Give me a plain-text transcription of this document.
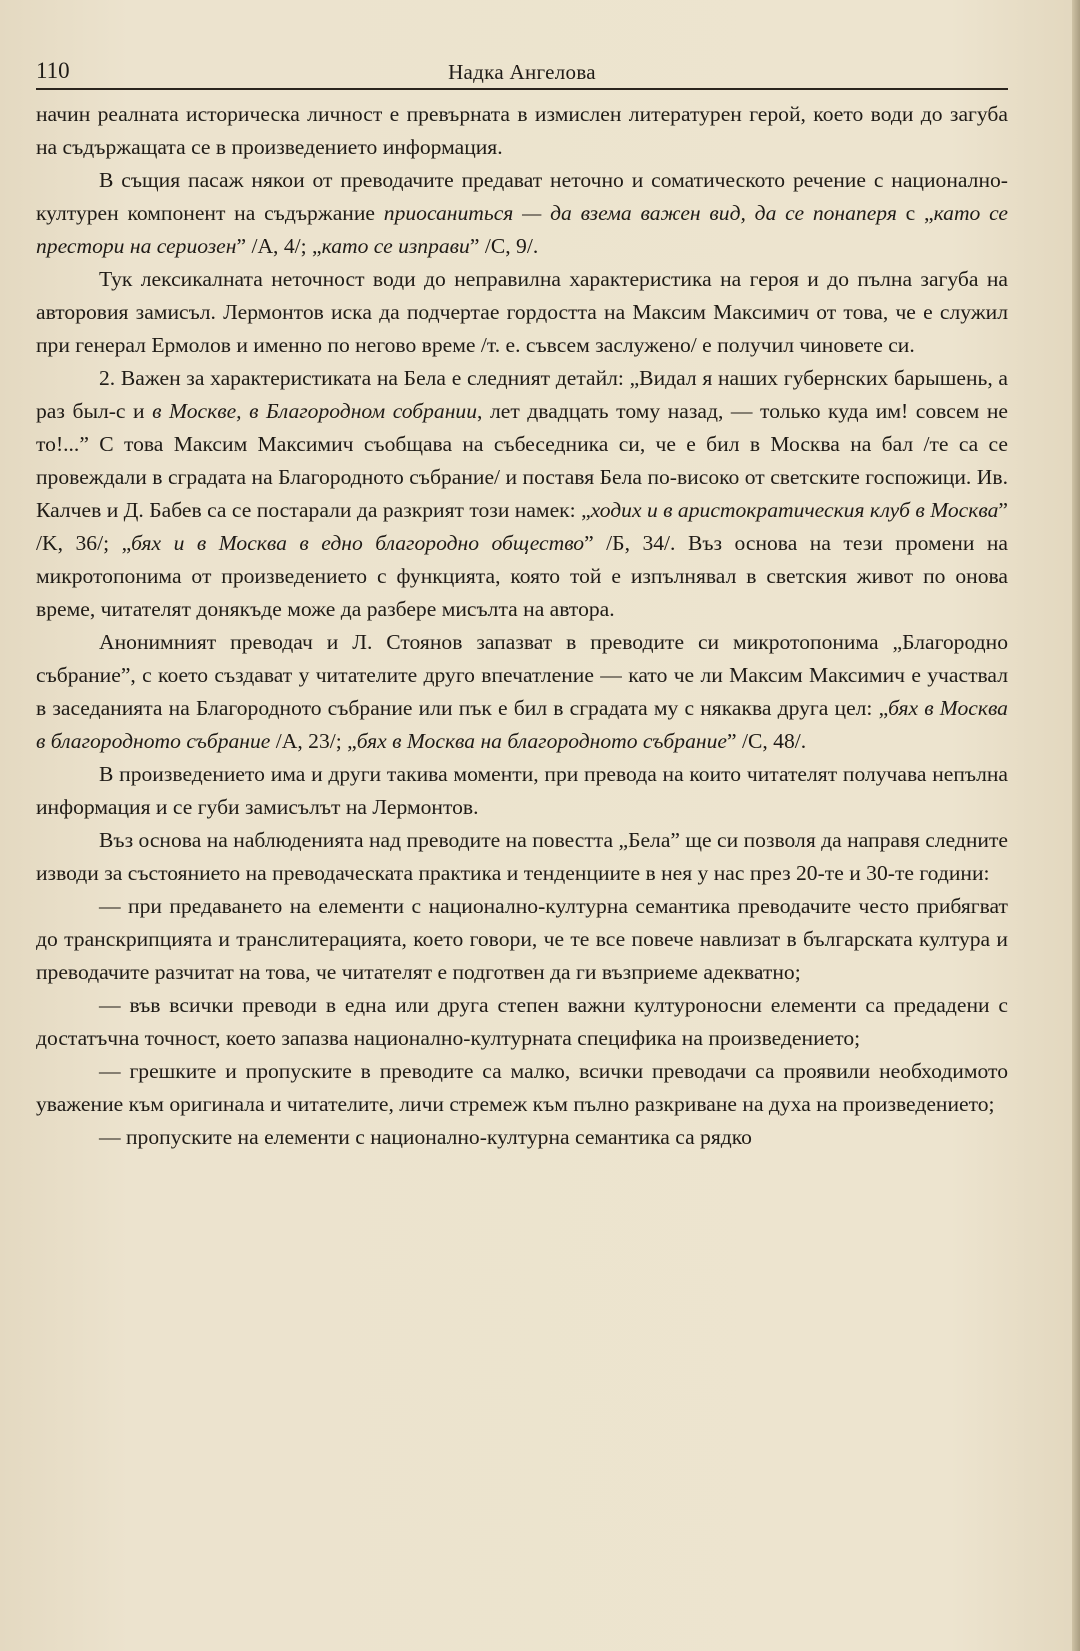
110	Надка Ангелова

начин реалната историческа личност е превърната в измислен литературен герой, което води до загуба на съдържащата се в произведението информация.

В същия пасаж някои от преводачите предават неточно и соматическото речение с национално-културен компонент на съдържание приосаниться — да взема важен вид, да се понаперя с „като се престори на сериозен” /A, 4/; „като се изправи” /C, 9/.

Тук лексикалната неточност води до неправилна характеристика на героя и до пълна загуба на авторовия замисъл. Лермонтов иска да подчертае гордостта на Максим Максимич от това, че е служил при генерал Ермолов и именно по негово време /т. е. съвсем заслужено/ е получил чиновете си.

2. Важен за характеристиката на Бела е следният детайл: „Видал я наших губернских барышень, а раз был-с и в Москве, в Благородном собрании, лет двадцать тому назад, — только куда им! совсем не то!...” С това Максим Максимич съобщава на събеседника си, че е бил в Москва на бал /те са се провеждали в сградата на Благородното събрание/ и поставя Бела по-високо от светските госпожици. Ив. Калчев и Д. Бабев са се постарали да разкрият този намек: „ходих и в аристократическия клуб в Москва” /K, 36/; „бях и в Москва в едно благородно общество” /Б, 34/. Въз основа на тези промени на микротопонима от произведението с функцията, която той е изпълнявал в светския живот по онова време, читателят донякъде може да разбере мисълта на автора.

Анонимният преводач и Л. Стоянов запазват в преводите си микротопонима „Благородно събрание”, с което създават у читателите друго впечатление — като че ли Максим Максимич е участвал в заседанията на Благородното събрание или пък е бил в сградата му с някаква друга цел: „бях в Москва в благородното събрание /A, 23/; „бях в Москва на благородното събрание” /C, 48/.

В произведението има и други такива моменти, при превода на които читателят получава непълна информация и се губи замисълът на Лермонтов.

Въз основа на наблюденията над преводите на повестта „Бела” ще си позволя да направя следните изводи за състоянието на преводаческата практика и тенденциите в нея у нас през 20-те и 30-те години:

— при предаването на елементи с национално-културна семантика преводачите често прибягват до транскрипцията и транслитерацията, което говори, че те все повече навлизат в българската култура и преводачите разчитат на това, че читателят е подготвен да ги възприеме адекватно;

— във всички преводи в една или друга степен важни културоносни елементи са предадени с достатъчна точност, което запазва национално-културната специфика на произведението;

— грешките и пропуските в преводите са малко, всички преводачи са проявили необходимото уважение към оригинала и читателите, личи стремеж към пълно разкриване на духа на произведението;

— пропуските на елементи с национално-културна семантика са рядко
